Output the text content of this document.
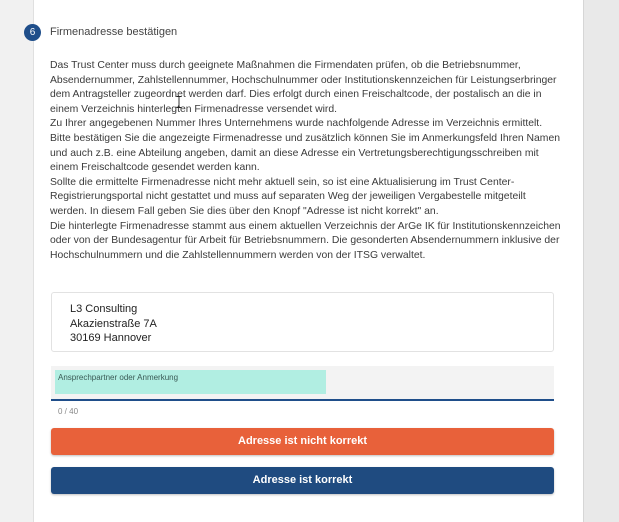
6	Firmenadresse bestätigen

Das Trust Center muss durch geeignete Maßnahmen die Firmendaten prüfen, ob die Betriebsnummer, Absendernummer, Zahlstellennummer, Hochschulnummer oder Institutionskennzeichen für Leistungserbringer dem Antragsteller zugeordnet werden darf. Dies erfolgt durch einen Freischaltcode, der postalisch an die in einem Verzeichnis hinterlegten Firmenadresse versendet wird.

Zu Ihrer angegebenen Nummer Ihres Unternehmens wurde nachfolgende Adresse im Verzeichnis ermittelt. Bitte bestätigen Sie die angezeigte Firmenadresse und zusätzlich können Sie im Anmerkungsfeld Ihren Namen und auch z.B. eine Abteilung angeben, damit an diese Adresse ein Vertretungsberechtigungsschreiben mit einem Freischaltcode gesendet werden kann.

Sollte die ermittelte Firmenadresse nicht mehr aktuell sein, so ist eine Aktualisierung im Trust Center-Registrierungsportal nicht gestattet und muss auf separaten Weg der jeweiligen Vergabestelle mitgeteilt werden. In diesem Fall geben Sie dies über den Knopf "Adresse ist nicht korrekt" an.

Die hinterlegte Firmenadresse stammt aus einem aktuellen Verzeichnis der ArGe IK für Institutionskennzeichen oder von der Bundesagentur für Arbeit für Betriebsnummern. Die gesonderten Absendernummern inklusive der Hochschulnummern und die Zahlstellennummern werden von der ITSG verwaltet.

L3 Consulting
Akazienstraße 7A
30169 Hannover
Ansprechpartner oder Anmerkung
0 / 40
Adresse ist nicht korrekt
Adresse ist korrekt
